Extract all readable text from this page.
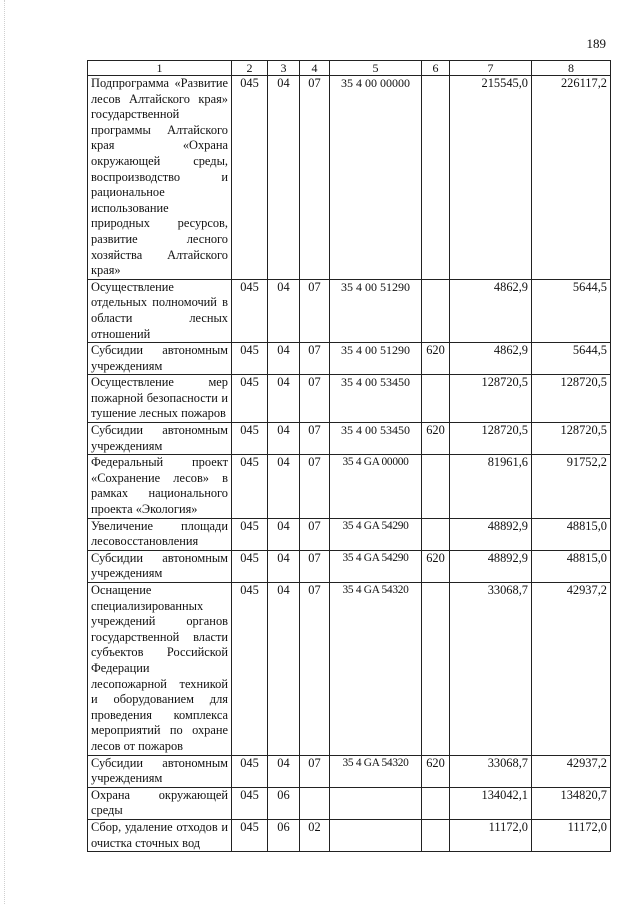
189
1	2	3	4	5	6	7	8
Подпрограмма «Развитие лесов Алтайского края» государственной программы Алтайского края «Охрана окружающей среды, воспроизводство и рациональное использование природных ресурсов, развитие лесного хозяйства Алтайского края»	045	04	07	35 4 00 00000		215545,0	226117,2
Осуществление отдельных полномочий в области лесных отношений	045	04	07	35 4 00 51290		4862,9	5644,5
Субсидии автономным учреждениям	045	04	07	35 4 00 51290	620	4862,9	5644,5
Осуществление мер пожарной безопасности и тушение лесных пожаров	045	04	07	35 4 00 53450		128720,5	128720,5
Субсидии автономным учреждениям	045	04	07	35 4 00 53450	620	128720,5	128720,5
Федеральный проект «Сохранение лесов» в рамках национального проекта «Экология»	045	04	07	35 4 GA 00000		81961,6	91752,2
Увеличение площади лесовосстановления	045	04	07	35 4 GA 54290		48892,9	48815,0
Субсидии автономным учреждениям	045	04	07	35 4 GA 54290	620	48892,9	48815,0
Оснащение специализированных учреждений органов государственной власти субъектов Российской Федерации лесопожарной техникой и оборудованием для проведения комплекса мероприятий по охране лесов от пожаров	045	04	07	35 4 GA 54320		33068,7	42937,2
Субсидии автономным учреждениям	045	04	07	35 4 GA 54320	620	33068,7	42937,2
Охрана окружающей среды	045	06				134042,1	134820,7
Сбор, удаление отходов и очистка сточных вод	045	06	02			11172,0	11172,0
